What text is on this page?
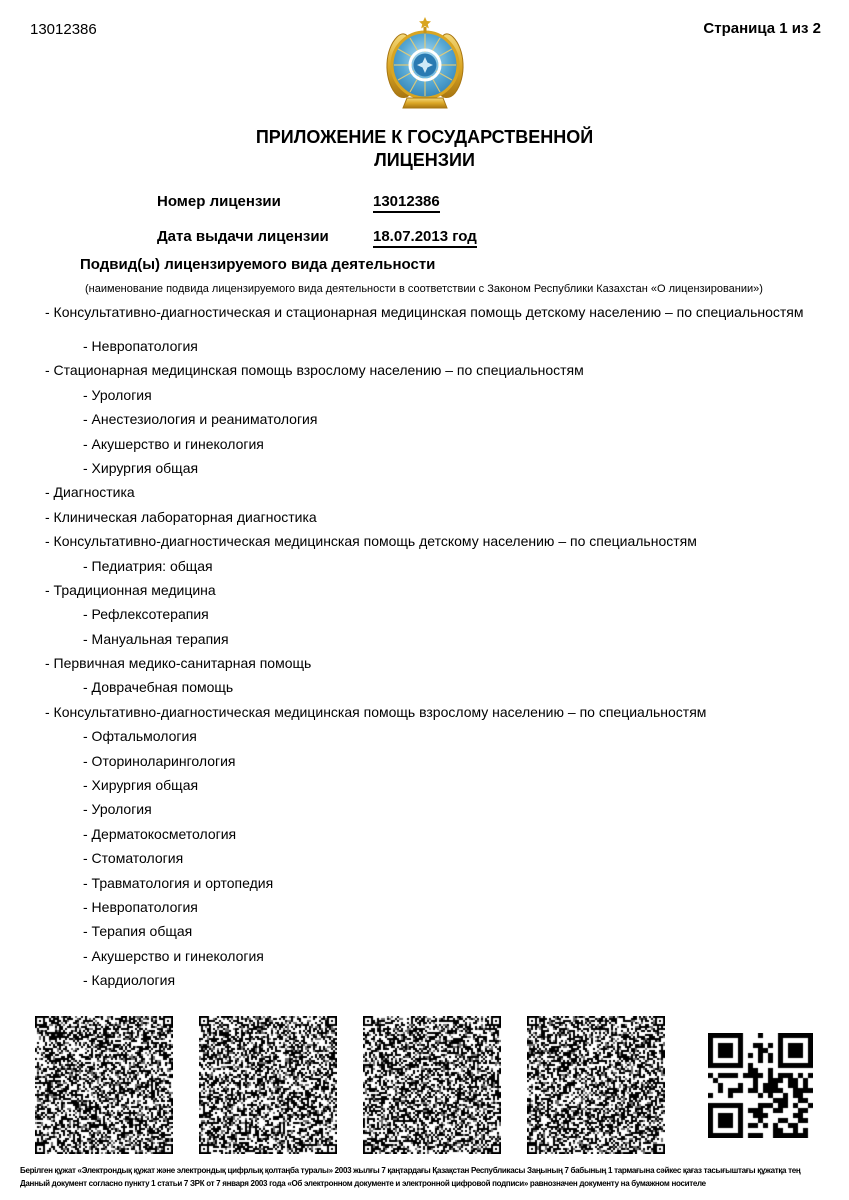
13012386	Страница 1 из 2
ПРИЛОЖЕНИЕ К ГОСУДАРСТВЕННОЙ
ЛИЦЕНЗИИ
Номер лицензии	13012386
Дата выдачи лицензии	18.07.2013 год
Подвид(ы) лицензируемого вида деятельности
(наименование подвида лицензируемого вида деятельности в соответствии с Законом Республики Казахстан «О лицензировании»)
- Консультативно-диагностическая и стационарная медицинская помощь детскому населению – по специальностям
- Невропатология
- Стационарная медицинская помощь взрослому населению – по специальностям
- Урология
- Анестезиология и реаниматология
- Акушерство и гинекология
- Хирургия общая
- Диагностика
- Клиническая лабораторная диагностика
- Консультативно-диагностическая медицинская помощь детскому населению – по специальностям
- Педиатрия: общая
- Традиционная медицина
- Рефлексотерапия
- Мануальная терапия
- Первичная медико-санитарная помощь
- Доврачебная помощь
- Консультативно-диагностическая медицинская помощь взрослому населению – по специальностям
- Офтальмология
- Оториноларингология
- Хирургия общая
- Урология
- Дерматокосметология
- Стоматология
- Травматология и ортопедия
- Невропатология
- Терапия общая
- Акушерство и гинекология
- Кардиология
Берілген құжат «Электрондық құжат және электрондық цифрлық қолтаңба туралы» 2003 жылғы 7 қаңтардағы Қазақстан Республикасы Заңының 7 бабының 1 тармағына сәйкес қағаз тасығыштағы құжатқа тең
Данный документ согласно пункту 1 статьи 7 ЗРК от 7 января 2003 года «Об электронном документе и электронной цифровой подписи» равнозначен документу на бумажном носителе
